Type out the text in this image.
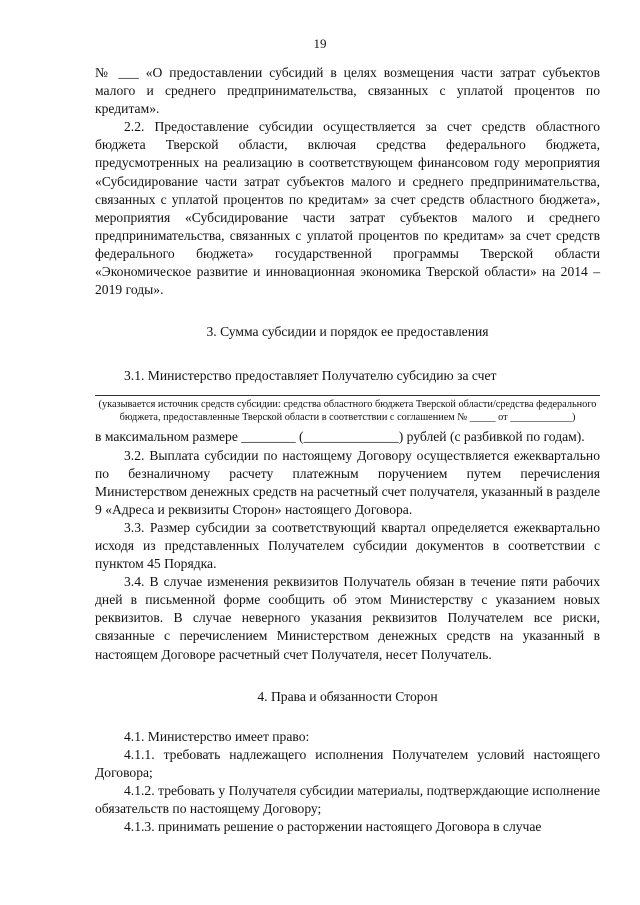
19

№ ___ «О предоставлении субсидий в целях возмещения части затрат субъектов малого и среднего предпринимательства, связанных с уплатой процентов по кредитам».

2.2. Предоставление субсидии осуществляется за счет средств областного бюджета Тверской области, включая средства федерального бюджета, предусмотренных на реализацию в соответствующем финансовом году мероприятия «Субсидирование части затрат субъектов малого и среднего предпринимательства, связанных с уплатой процентов по кредитам» за счет средств областного бюджета», мероприятия «Субсидирование части затрат субъектов малого и среднего предпринимательства, связанных с уплатой процентов по кредитам» за счет средств федерального бюджета» государственной программы Тверской области «Экономическое развитие и инновационная экономика Тверской области» на 2014 – 2019 годы».

3. Сумма субсидии и порядок ее предоставления

3.1. Министерство предоставляет Получателю субсидию за счет

(указывается источник средств субсидии: средства областного бюджета Тверской области/средства федерального бюджета, предоставленные Тверской области в соответствии с соглашением № _____ от ____________)

в максимальном размере ________ (______________) рублей (с разбивкой по годам).

3.2. Выплата субсидии по настоящему Договору осуществляется ежеквартально по безналичному расчету платежным поручением путем перечисления Министерством денежных средств на расчетный счет получателя, указанный в разделе 9 «Адреса и реквизиты Сторон» настоящего Договора.

3.3. Размер субсидии за соответствующий квартал определяется ежеквартально исходя из представленных Получателем субсидии документов в соответствии с пунктом 45 Порядка.

3.4. В случае изменения реквизитов Получатель обязан в течение пяти рабочих дней в письменной форме сообщить об этом Министерству с указанием новых реквизитов. В случае неверного указания реквизитов Получателем все риски, связанные с перечислением Министерством денежных средств на указанный в настоящем Договоре расчетный счет Получателя, несет Получатель.

4. Права и обязанности Сторон

4.1. Министерство имеет право:

4.1.1. требовать надлежащего исполнения Получателем условий настоящего Договора;

4.1.2. требовать у Получателя субсидии материалы, подтверждающие исполнение обязательств по настоящему Договору;

4.1.3. принимать решение о расторжении настоящего Договора в случае
